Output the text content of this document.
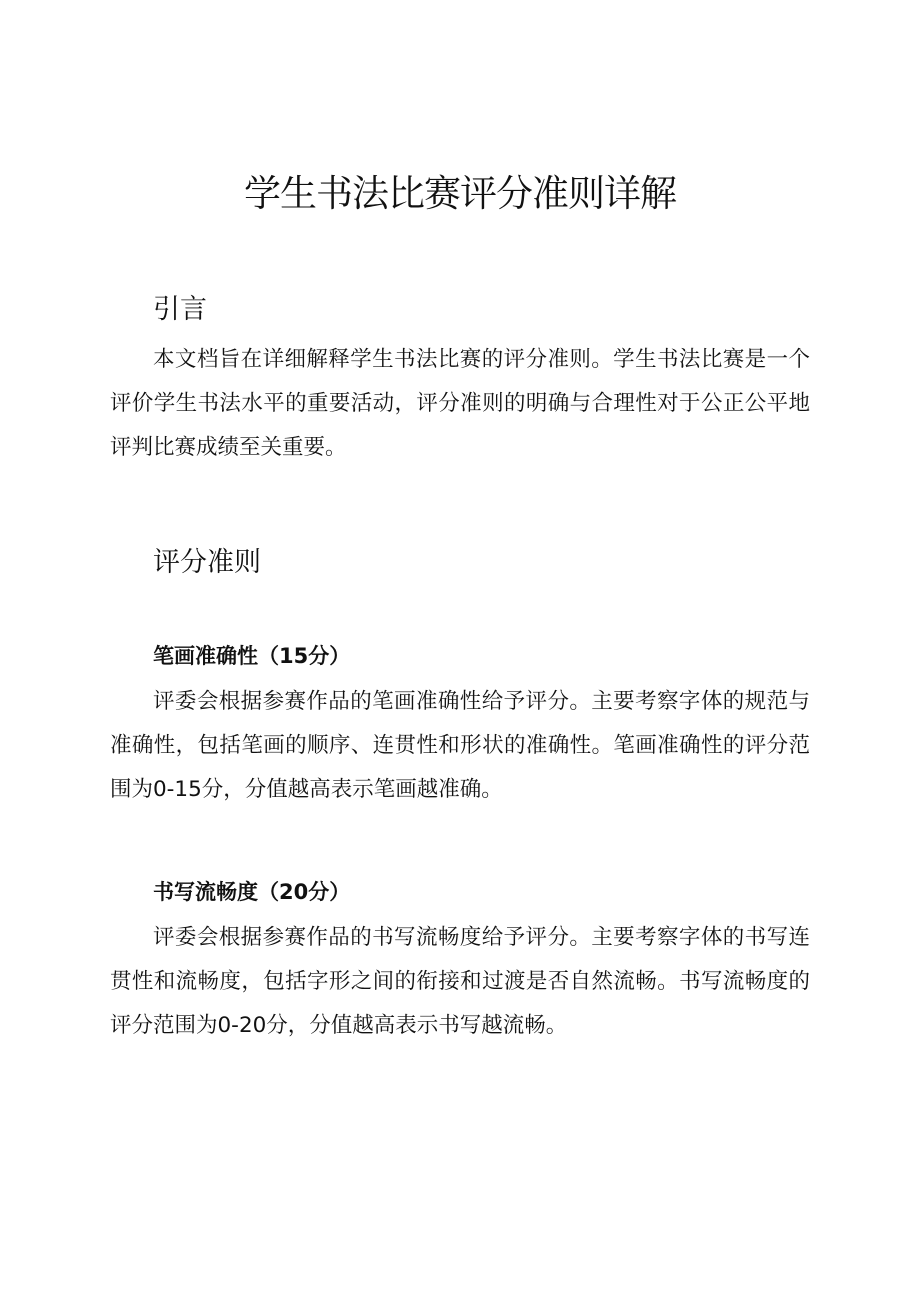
学生书法比赛评分准则详解
引言

本文档旨在详细解释学生书法比赛的评分准则。学生书法比赛是一个评价学生书法水平的重要活动，评分准则的明确与合理性对于公正公平地评判比赛成绩至关重要。

评分准则
笔画准确性（15分）

评委会根据参赛作品的笔画准确性给予评分。主要考察字体的规范与准确性，包括笔画的顺序、连贯性和形状的准确性。笔画准确性的评分范围为0-15分，分值越高表示笔画越准确。

书写流畅度（20分）

评委会根据参赛作品的书写流畅度给予评分。主要考察字体的书写连贯性和流畅度，包括字形之间的衔接和过渡是否自然流畅。书写流畅度的评分范围为0-20分，分值越高表示书写越流畅。
